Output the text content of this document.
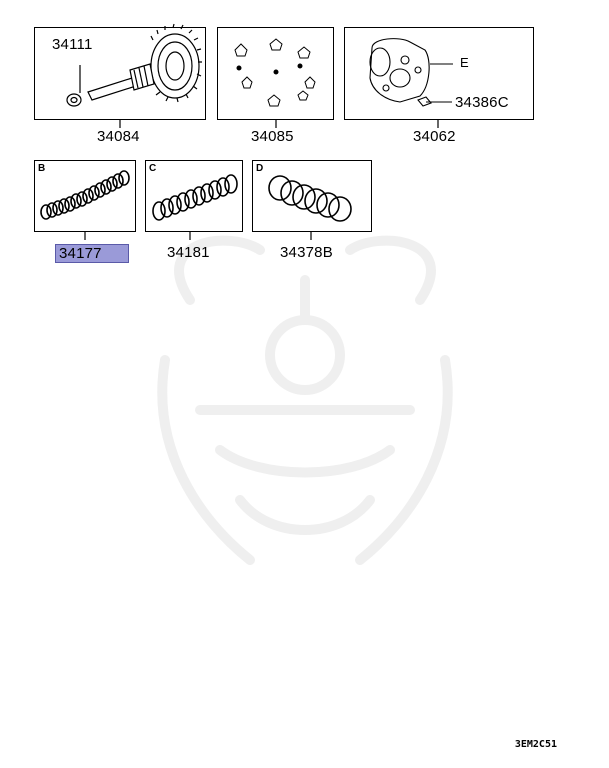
34111
34084	34085
E
34386C
34062
B	C	D
34177	34181	34378B
3EM2C51
